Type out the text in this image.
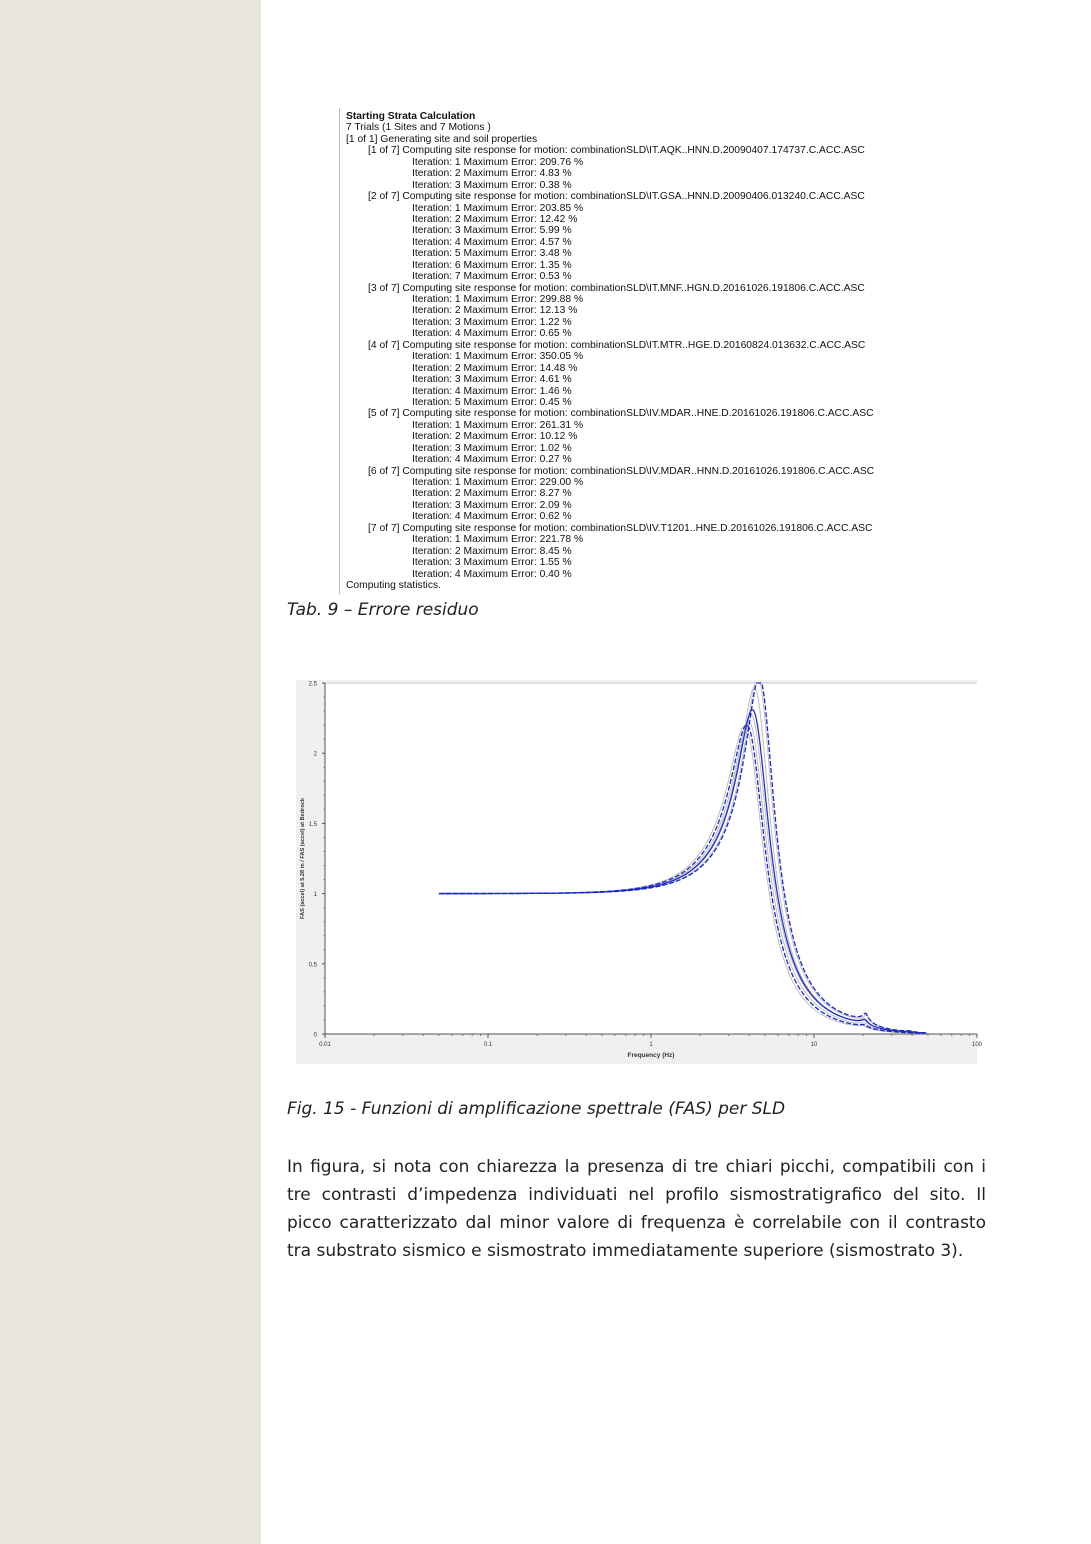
Starting Strata Calculation
7 Trials (1 Sites and 7 Motions )
[1 of 1] Generating site and soil properties
[1 of 7] Computing site response for motion: combinationSLD\IT.AQK..HNN.D.20090407.174737.C.ACC.ASC
Iteration: 1 Maximum Error: 209.76 %
Iteration: 2 Maximum Error: 4.83 %
Iteration: 3 Maximum Error: 0.38 %
[2 of 7] Computing site response for motion: combinationSLD\IT.GSA..HNN.D.20090406.013240.C.ACC.ASC
Iteration: 1 Maximum Error: 203.85 %
Iteration: 2 Maximum Error: 12.42 %
Iteration: 3 Maximum Error: 5.99 %
Iteration: 4 Maximum Error: 4.57 %
Iteration: 5 Maximum Error: 3.48 %
Iteration: 6 Maximum Error: 1.35 %
Iteration: 7 Maximum Error: 0.53 %
[3 of 7] Computing site response for motion: combinationSLD\IT.MNF..HGN.D.20161026.191806.C.ACC.ASC
Iteration: 1 Maximum Error: 299.88 %
Iteration: 2 Maximum Error: 12.13 %
Iteration: 3 Maximum Error: 1.22 %
Iteration: 4 Maximum Error: 0.65 %
[4 of 7] Computing site response for motion: combinationSLD\IT.MTR..HGE.D.20160824.013632.C.ACC.ASC
Iteration: 1 Maximum Error: 350.05 %
Iteration: 2 Maximum Error: 14.48 %
Iteration: 3 Maximum Error: 4.61 %
Iteration: 4 Maximum Error: 1.46 %
Iteration: 5 Maximum Error: 0.45 %
[5 of 7] Computing site response for motion: combinationSLD\IV.MDAR..HNE.D.20161026.191806.C.ACC.ASC
Iteration: 1 Maximum Error: 261.31 %
Iteration: 2 Maximum Error: 10.12 %
Iteration: 3 Maximum Error: 1.02 %
Iteration: 4 Maximum Error: 0.27 %
[6 of 7] Computing site response for motion: combinationSLD\IV.MDAR..HNN.D.20161026.191806.C.ACC.ASC
Iteration: 1 Maximum Error: 229.00 %
Iteration: 2 Maximum Error: 8.27 %
Iteration: 3 Maximum Error: 2.09 %
Iteration: 4 Maximum Error: 0.62 %
[7 of 7] Computing site response for motion: combinationSLD\IV.T1201..HNE.D.20161026.191806.C.ACC.ASC
Iteration: 1 Maximum Error: 221.78 %
Iteration: 2 Maximum Error: 8.45 %
Iteration: 3 Maximum Error: 1.55 %
Iteration: 4 Maximum Error: 0.40 %
Computing statistics.
Tab. 9 – Errore residuo
0
0.5
1
1.5
2
2.5
0.01	0.1	1	10	100
Frequency (Hz)
FAS (accel) at 5.28 m / FAS (accel) at Bedrock
Fig. 15 - Funzioni di amplificazione spettrale (FAS) per SLD
In figura, si nota con chiarezza la presenza di tre chiari picchi, compatibili con i tre contrasti d’impedenza individuati nel profilo sismostratigrafico del sito. Il picco caratterizzato dal minor valore di frequenza è correlabile con il contrasto tra substrato sismico e sismostrato immediatamente superiore (sismostrato 3).
